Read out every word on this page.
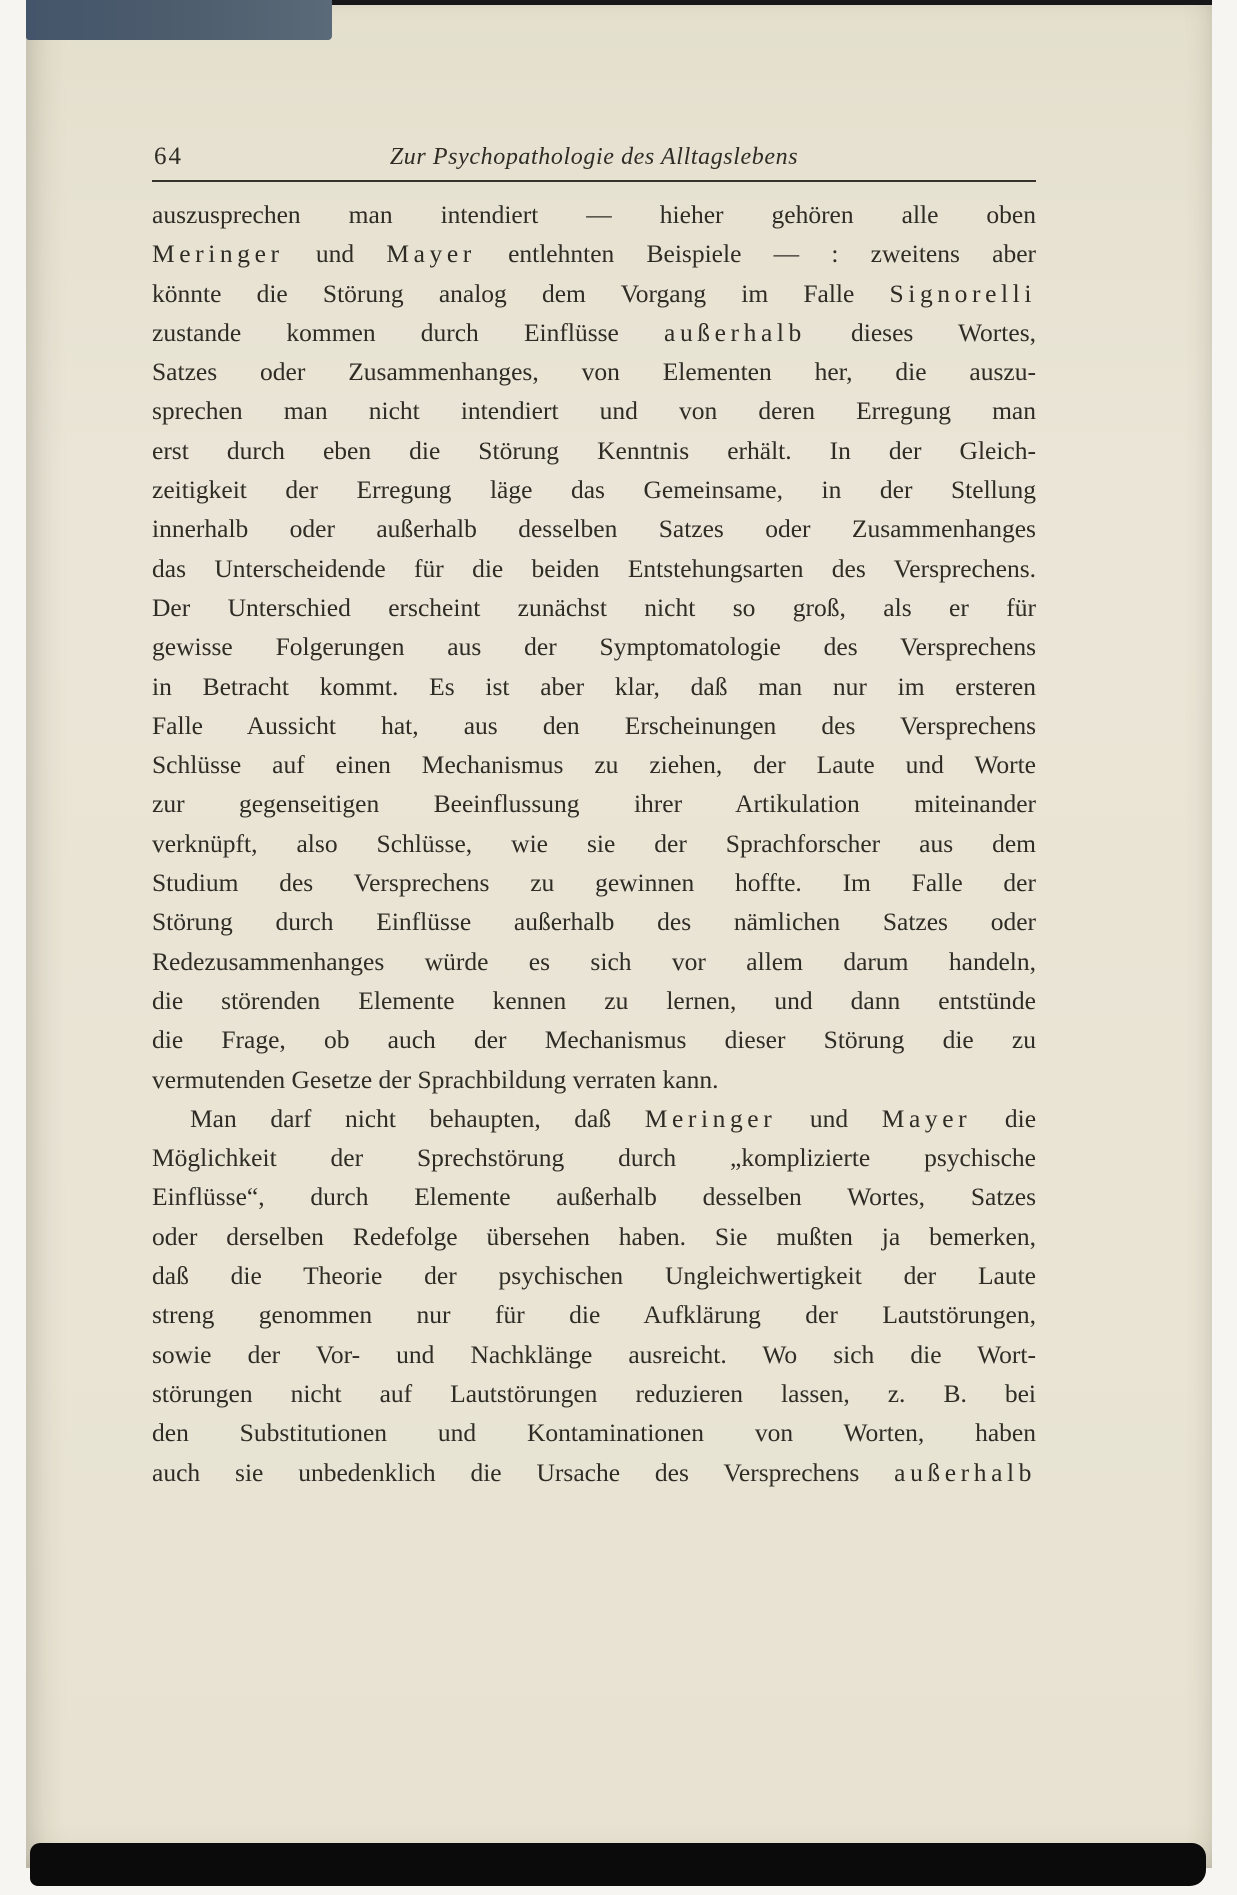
64	Zur Psychopathologie des Alltagslebens
auszusprechen man intendiert — hieher gehören alle oben
Meringer und Mayer entlehnten Beispiele — : zweitens aber
könnte die Störung analog dem Vorgang im Falle Signorelli
zustande kommen durch Einflüsse außerhalb dieses Wortes,
Satzes oder Zusammenhanges, von Elementen her, die auszu-
sprechen man nicht intendiert und von deren Erregung man
erst durch eben die Störung Kenntnis erhält. In der Gleich-
zeitigkeit der Erregung läge das Gemeinsame, in der Stellung
innerhalb oder außerhalb desselben Satzes oder Zusammenhanges
das Unterscheidende für die beiden Entstehungsarten des Versprechens.
Der Unterschied erscheint zunächst nicht so groß, als er für
gewisse Folgerungen aus der Symptomatologie des Versprechens
in Betracht kommt. Es ist aber klar, daß man nur im ersteren
Falle Aussicht hat, aus den Erscheinungen des Versprechens
Schlüsse auf einen Mechanismus zu ziehen, der Laute und Worte
zur gegenseitigen Beeinflussung ihrer Artikulation miteinander
verknüpft, also Schlüsse, wie sie der Sprachforscher aus dem
Studium des Versprechens zu gewinnen hoffte. Im Falle der
Störung durch Einflüsse außerhalb des nämlichen Satzes oder
Redezusammenhanges würde es sich vor allem darum handeln,
die störenden Elemente kennen zu lernen, und dann entstünde
die Frage, ob auch der Mechanismus dieser Störung die zu
vermutenden Gesetze der Sprachbildung verraten kann.
Man darf nicht behaupten, daß Meringer und Mayer die
Möglichkeit der Sprechstörung durch „komplizierte psychische
Einflüsse“, durch Elemente außerhalb desselben Wortes, Satzes
oder derselben Redefolge übersehen haben. Sie mußten ja bemerken,
daß die Theorie der psychischen Ungleichwertigkeit der Laute
streng genommen nur für die Aufklärung der Lautstörungen,
sowie der Vor- und Nachklänge ausreicht. Wo sich die Wort-
störungen nicht auf Lautstörungen reduzieren lassen, z. B. bei
den Substitutionen und Kontaminationen von Worten, haben
auch sie unbedenklich die Ursache des Versprechens außerhalb
